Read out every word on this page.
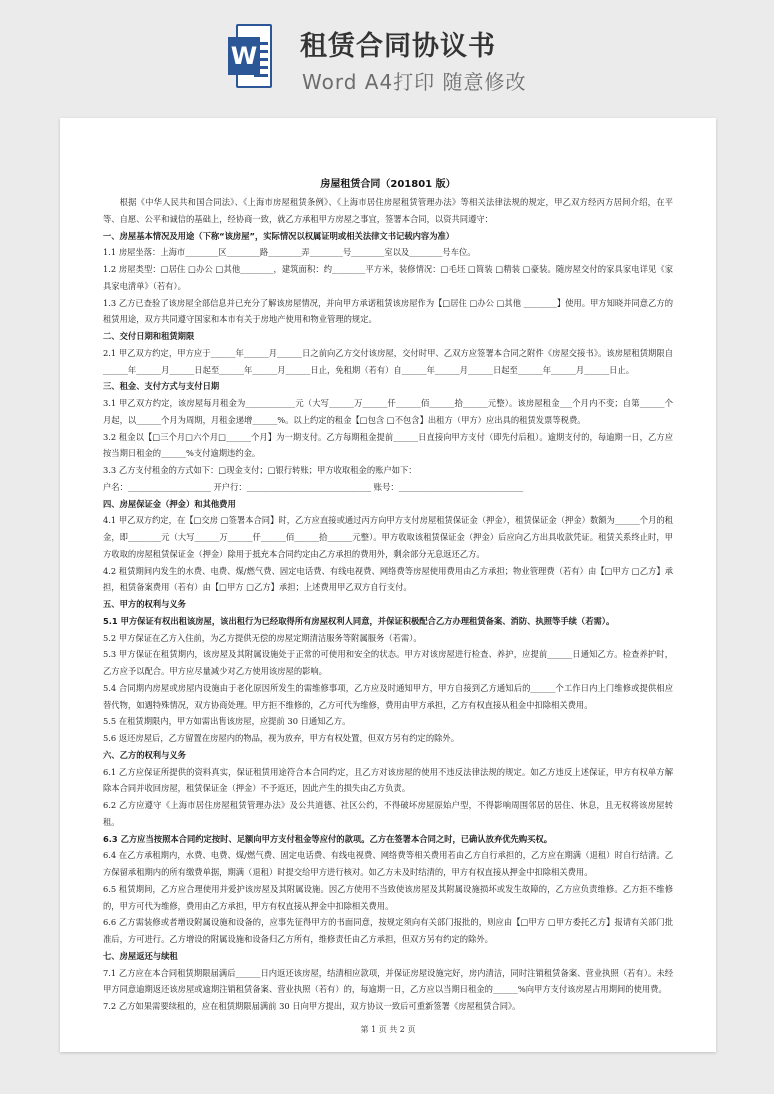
W 租赁合同协议书
Word A4打印 随意修改
房屋租赁合同（201801 版）

根据《中华人民共和国合同法》、《上海市房屋租赁条例》、《上海市居住房屋租赁管理办法》等相关法律法规的规定，甲乙双方经丙方居间介绍，在平等、自愿、公平和诚信的基础上，经协商一致，就乙方承租甲方房屋之事宜，签署本合同，以资共同遵守：

一、房屋基本情况及用途（下称“该房屋”，实际情况以权属证明或相关法律文书记载内容为准）

1.1 房屋坐落：上海市________区________路________弄________号________室以及________号车位。

1.2 房屋类型：□居住 □办公 □其他________，建筑面积：约________平方米，装修情况：□毛坯 □简装 □精装 □豪装。随房屋交付的家具家电详见《家具家电清单》（若有）。

1.3 乙方已查验了该房屋全部信息并已充分了解该房屋情况，并向甲方承诺租赁该房屋作为【□居住 □办公 □其他 ________】使用。甲方知晓并同意乙方的租赁用途，双方共同遵守国家和本市有关于房地产使用和物业管理的规定。

二、交付日期和租赁期限

2.1 甲乙双方约定，甲方应于______年______月______日之前向乙方交付该房屋，交付时甲、乙双方应签署本合同之附件《房屋交接书》。该房屋租赁期限自______年______月______日起至______年______月______日止，免租期（若有）自______年______月______日起至______年______月______日止。

三、租金、支付方式与支付日期

3.1 甲乙双方约定，该房屋每月租金为____________元（大写______万______仟______佰______拾______元整）。该房屋租金___个月内不变；自第______个月起，以______个月为周期，月租金递增______%。以上约定的租金【□包含 □不包含】出租方（甲方）应出具的租赁发票等税费。

3.2 租金以【□三个月□六个月□______个月】为一期支付。乙方每期租金提前______日直接向甲方支付（即先付后租）。逾期支付的，每逾期一日，乙方应按当期日租金的______%支付逾期违约金。

3.3 乙方支付租金的方式如下：□现金支付；□银行转账；甲方收取租金的账户如下：

户名：____________________ 开户行：______________________________ 账号：______________________________

四、房屋保证金（押金）和其他费用

4.1 甲乙双方约定，在【□交房 □签署本合同】时，乙方应直接或通过丙方向甲方支付房屋租赁保证金（押金），租赁保证金（押金）数额为______个月的租金，即________元（大写______万______仟______佰______拾______元整）。甲方收取该租赁保证金（押金）后应向乙方出具收款凭证。租赁关系终止时，甲方收取的房屋租赁保证金（押金）除用于抵充本合同约定由乙方承担的费用外，剩余部分无息返还乙方。

4.2 租赁期间内发生的水费、电费、煤/燃气费、固定电话费、有线电视费、网络费等房屋使用费用由乙方承担；物业管理费（若有）由【□甲方 □乙方】承担，租赁备案费用（若有）由【□甲方 □乙方】承担；上述费用甲乙双方自行支付。

五、甲方的权利与义务

5.1 甲方保证有权出租该房屋，该出租行为已经取得所有房屋权利人同意，并保证积极配合乙方办理租赁备案、消防、执照等手续（若需）。

5.2 甲方保证在乙方入住前，为乙方提供无偿的房屋定期清洁服务等附属服务（若需）。

5.3 甲方保证在租赁期内，该房屋及其附属设施处于正常的可使用和安全的状态。甲方对该房屋进行检查、养护，应提前______日通知乙方。检查养护时，乙方应予以配合。甲方应尽量减少对乙方使用该房屋的影响。

5.4 合同期内房屋或房屋内设施由于老化原因所发生的需维修事项，乙方应及时通知甲方，甲方自接到乙方通知后的______个工作日内上门维修或提供相应替代物，如遇特殊情况，双方协商处理。甲方拒不维修的，乙方可代为维修，费用由甲方承担，乙方有权直接从租金中扣除相关费用。

5.5 在租赁期限内，甲方如需出售该房屋，应提前 30 日通知乙方。

5.6 返还房屋后，乙方留置在房屋内的物品，视为放弃，甲方有权处置，但双方另有约定的除外。

六、乙方的权利与义务

6.1 乙方应保证所提供的资料真实，保证租赁用途符合本合同约定，且乙方对该房屋的使用不违反法律法规的规定。如乙方违反上述保证，甲方有权单方解除本合同并收回房屋，租赁保证金（押金）不予返还，因此产生的损失由乙方负责。

6.2 乙方应遵守《上海市居住房屋租赁管理办法》及公共道德、社区公约，不得破坏房屋原始户型，不得影响周围邻居的居住、休息，且无权将该房屋转租。

6.3 乙方应当按照本合同约定按时、足额向甲方支付租金等应付的款项。乙方在签署本合同之时，已确认放弃优先购买权。

6.4 在乙方承租期内，水费、电费、煤/燃气费、固定电话费、有线电视费、网络费等相关费用若由乙方自行承担的，乙方应在期满（退租）时自行结清。乙方保留承租期内的所有缴费单据，期满（退租）时提交给甲方进行核对。如乙方未及时结清的，甲方有权直接从押金中扣除相关费用。

6.5 租赁期间，乙方应合理使用并爱护该房屋及其附属设施。因乙方使用不当致使该房屋及其附属设施损坏或发生故障的，乙方应负责维修。乙方拒不维修的，甲方可代为维修，费用由乙方承担，甲方有权直接从押金中扣除相关费用。

6.6 乙方需装修或者增设附属设施和设备的，应事先征得甲方的书面同意，按规定须向有关部门报批的，则应由【□甲方 □甲方委托乙方】报请有关部门批准后，方可进行。乙方增设的附属设施和设备归乙方所有，维修责任由乙方承担，但双方另有约定的除外。

七、房屋返还与续租

7.1 乙方应在本合同租赁期限届满后______日内返还该房屋，结清相应款项，并保证房屋设施完好，房内清洁，同时注销租赁备案、营业执照（若有）。未经甲方同意逾期返还该房屋或逾期注销租赁备案、营业执照（若有）的，每逾期一日，乙方应以当期日租金的______%向甲方支付该房屋占用期间的使用费。

7.2 乙方如果需要续租的，应在租赁期限届满前 30 日向甲方提出，双方协议一致后可重新签署《房屋租赁合同》。

第 1 页 共 2 页
